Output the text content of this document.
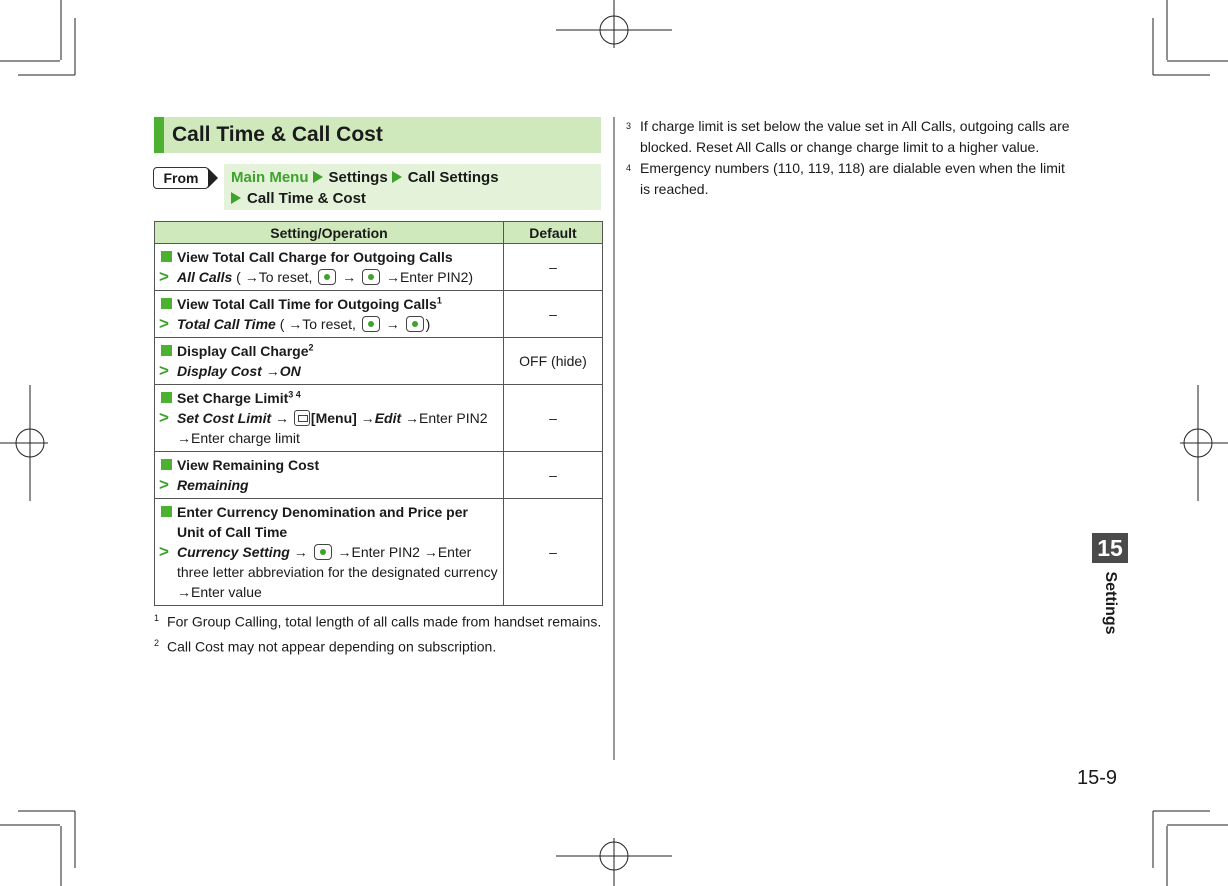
Call Time & Call Cost
From	Main Menu Settings Call Settings
Call Time & Cost
Setting/Operation	Default

View Total Call Charge for Outgoing Calls
> All Calls ( →To reset,  →  →Enter PIN2)	–

View Total Call Time for Outgoing Calls$^1$
> Total Call Time ( →To reset,  → )	–

Display Call Charge$^2$
> Display Cost →ON	OFF (hide)

Set Charge Limit$^{3 4}$
> Set Cost Limit → [Menu] →Edit →Enter PIN2
→Enter charge limit	–

View Remaining Cost
> Remaining	–

Enter Currency Denomination and Price per Unit of Call Time
> Currency Setting →  →Enter PIN2 →Enter three letter abbreviation for the designated currency →Enter value	–
$^1$ For Group Calling, total length of all calls made from handset remains.
$^2$ Call Cost may not appear depending on subscription.
3 If charge limit is set below the value set in All Calls, outgoing calls are blocked. Reset All Calls or change charge limit to a higher value.
4 Emergency numbers (110, 119, 118) are dialable even when the limit is reached.
15
Settings
15-9
